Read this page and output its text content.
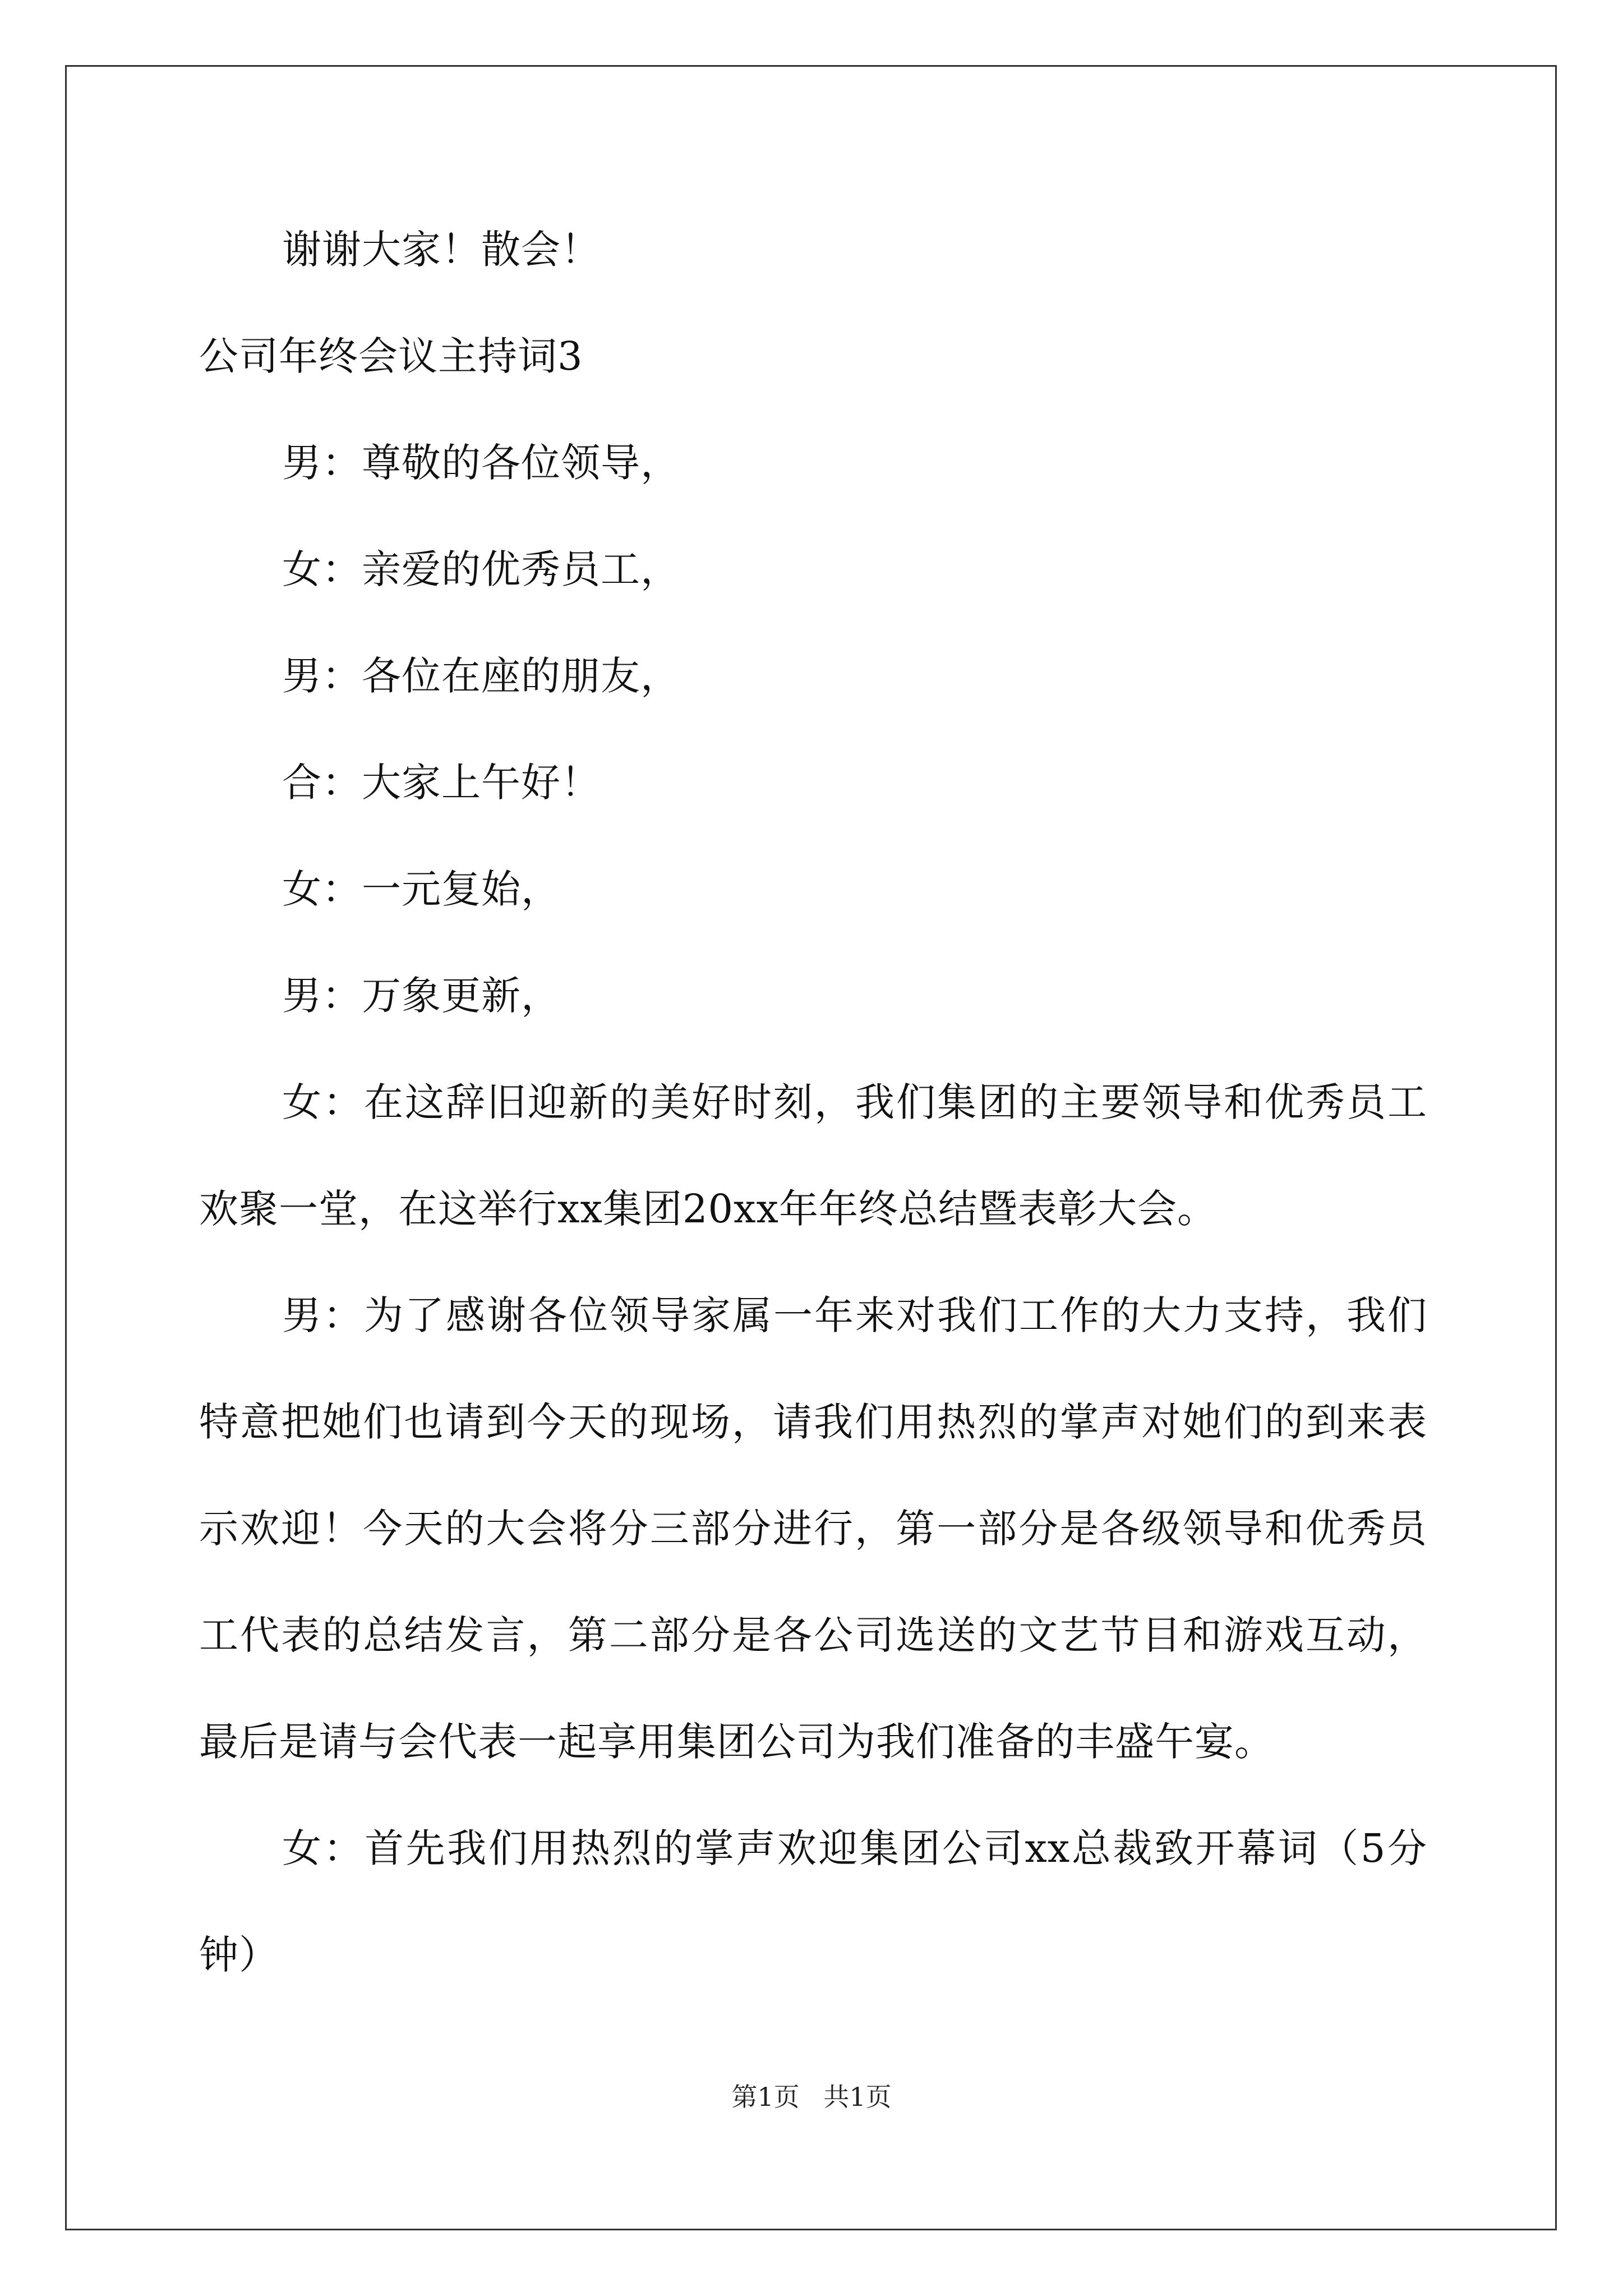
谢谢大家！散会！
公司年终会议主持词3
男：尊敬的各位领导，
女：亲爱的优秀员工，
男：各位在座的朋友，
合：大家上午好！
女：一元复始，
男：万象更新，
女：在这辞旧迎新的美好时刻，我们集团的主要领导和优秀员工
欢聚一堂，在这举行xx集团20xx年年终总结暨表彰大会。
男：为了感谢各位领导家属一年来对我们工作的大力支持，我们
特意把她们也请到今天的现场，请我们用热烈的掌声对她们的到来表
示欢迎！今天的大会将分三部分进行，第一部分是各级领导和优秀员
工代表的总结发言，第二部分是各公司选送的文艺节目和游戏互动，
最后是请与会代表一起享用集团公司为我们准备的丰盛午宴。
女：首先我们用热烈的掌声欢迎集团公司xx总裁致开幕词（5分
钟）
第1页 共1页
